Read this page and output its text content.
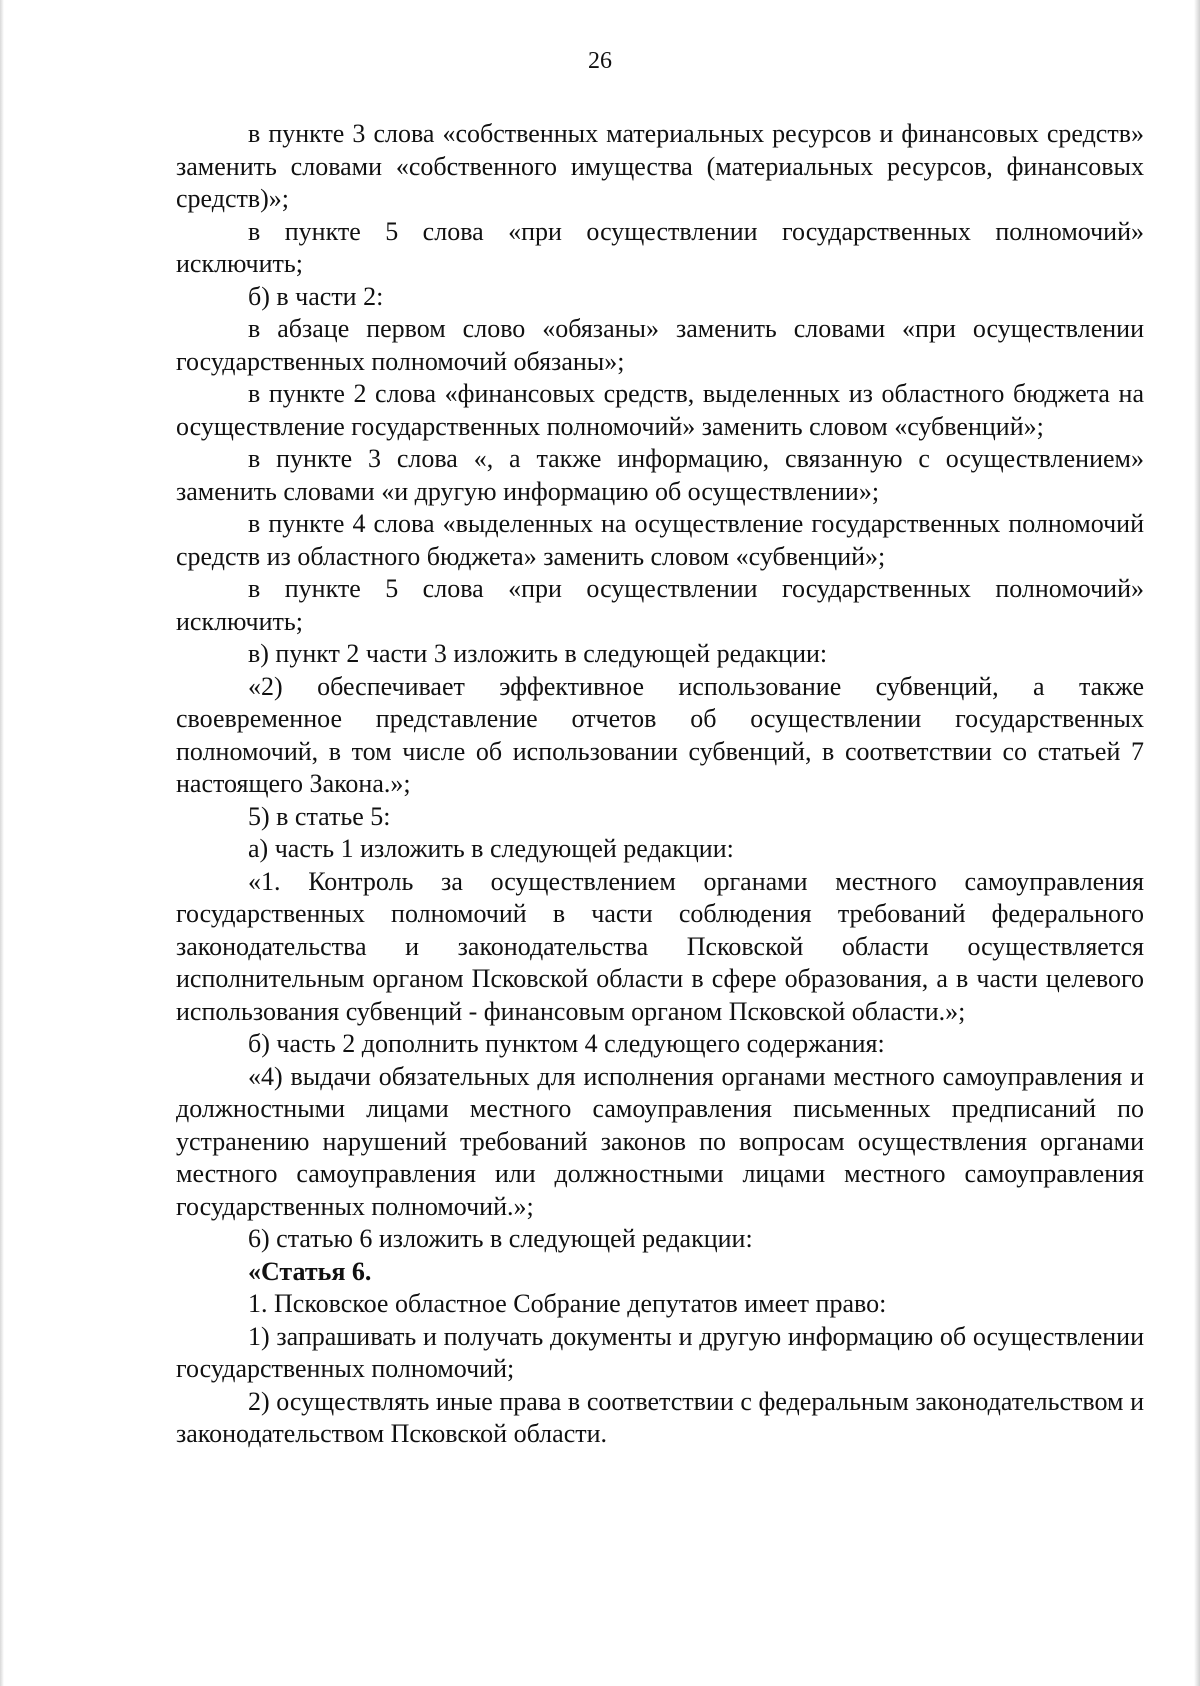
26

в пункте 3 слова «собственных материальных ресурсов и финансовых средств» заменить словами «собственного имущества (материальных ресурсов, финансовых средств)»;

в пункте 5 слова «при осуществлении государственных полномочий» исключить;

б) в части 2:

в абзаце первом слово «обязаны» заменить словами «при осуществлении государственных полномочий обязаны»;

в пункте 2 слова «финансовых средств, выделенных из областного бюджета на осуществление государственных полномочий» заменить словом «субвенций»;

в пункте 3 слова «, а также информацию, связанную с осуществлением» заменить словами «и другую информацию об осуществлении»;

в пункте 4 слова «выделенных на осуществление государственных полномочий средств из областного бюджета» заменить словом «субвенций»;

в пункте 5 слова «при осуществлении государственных полномочий» исключить;

в) пункт 2 части 3 изложить в следующей редакции:

«2) обеспечивает эффективное использование субвенций, а также своевременное представление отчетов об осуществлении государственных полномочий, в том числе об использовании субвенций, в соответствии со статьей 7 настоящего Закона.»;

5) в статье 5:

а) часть 1 изложить в следующей редакции:

«1. Контроль за осуществлением органами местного самоуправления государственных полномочий в части соблюдения требований федерального законодательства и законодательства Псковской области осуществляется исполнительным органом Псковской области в сфере образования, а в части целевого использования субвенций - финансовым органом Псковской области.»;

б) часть 2 дополнить пунктом 4 следующего содержания:

«4) выдачи обязательных для исполнения органами местного самоуправления и должностными лицами местного самоуправления письменных предписаний по устранению нарушений требований законов по вопросам осуществления органами местного самоуправления или должностными лицами местного самоуправления государственных полномочий.»;

6) статью 6 изложить в следующей редакции:

«Статья 6.

1. Псковское областное Собрание депутатов имеет право:

1) запрашивать и получать документы и другую информацию об осуществлении государственных полномочий;

2) осуществлять иные права в соответствии с федеральным законодательством и законодательством Псковской области.
